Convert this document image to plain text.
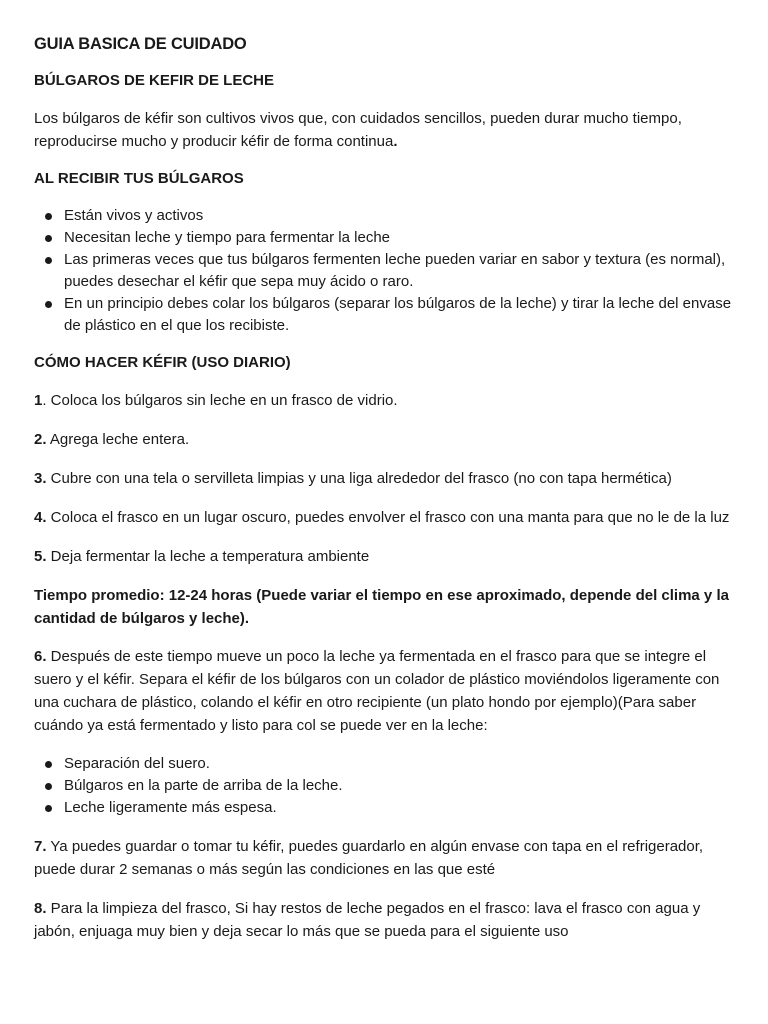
GUIA BASICA DE CUIDADO
BÚLGAROS DE KEFIR DE LECHE

Los búlgaros de kéfir son cultivos vivos que, con cuidados sencillos, pueden durar mucho tiempo, reproducirse mucho y producir kéfir de forma continua.

AL RECIBIR TUS BÚLGAROS
Están vivos y activos
Necesitan leche y tiempo para fermentar la leche
Las primeras veces que tus búlgaros fermenten leche pueden variar en sabor y textura (es normal), puedes desechar el kéfir que sepa muy ácido o raro.
En un principio debes colar los búlgaros (separar los búlgaros de la leche) y tirar la leche del envase de plástico en el que los recibiste.
CÓMO HACER KÉFIR (USO DIARIO)

1. Coloca los búlgaros sin leche en un frasco de vidrio.

2. Agrega leche entera.

3. Cubre con una tela o servilleta limpias y una liga alrededor del frasco (no con tapa hermética)

4. Coloca el frasco en un lugar oscuro, puedes envolver el frasco con una manta para que no le de la luz

5. Deja fermentar la leche a temperatura ambiente

Tiempo promedio: 12-24 horas (Puede variar el tiempo en ese aproximado, depende del clima y la cantidad de búlgaros y leche).

6. Después de este tiempo mueve un poco la leche ya fermentada en el frasco para que se integre el suero y el kéfir. Separa el kéfir de los búlgaros con un colador de plástico moviéndolos ligeramente con una cuchara de plástico, colando el kéfir en otro recipiente (un plato hondo por ejemplo)(Para saber cuándo ya está fermentado y listo para col se puede ver en la leche:

Separación del suero.
Búlgaros en la parte de arriba de la leche.
Leche ligeramente más espesa.

7. Ya puedes guardar o tomar tu kéfir, puedes guardarlo en algún envase con tapa en el refrigerador, puede durar 2 semanas o más según las condiciones en las que esté

8. Para la limpieza del frasco, Si hay restos de leche pegados en el frasco: lava el frasco con agua y jabón, enjuaga muy bien y deja secar lo más que se pueda para el siguiente uso
